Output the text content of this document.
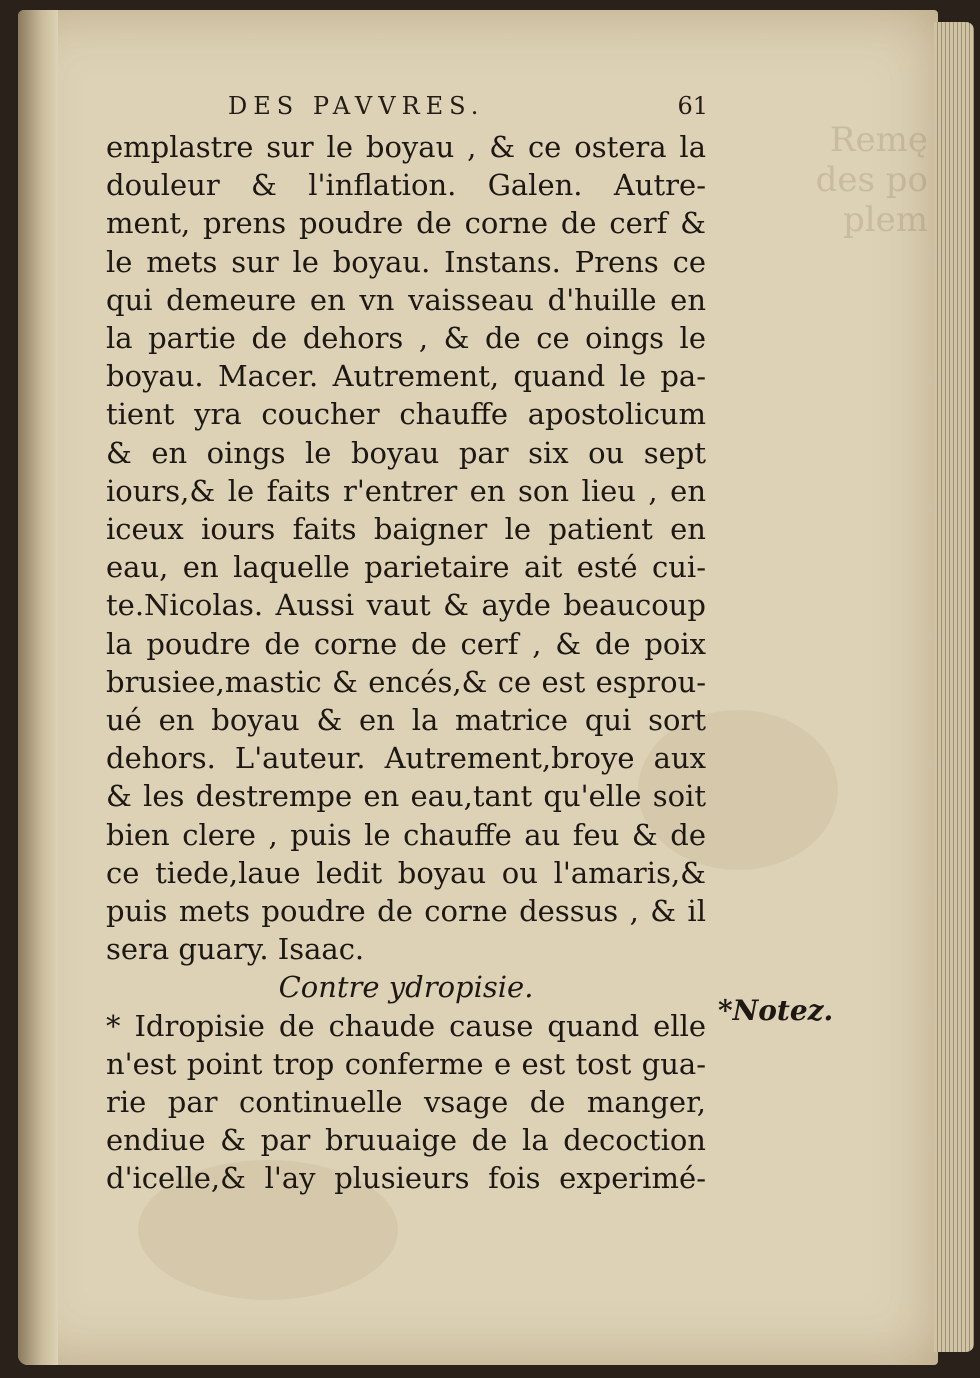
Remę
des po
plem
DES PAVVRES.	61
emplastre sur le boyau , & ce ostera la
douleur & l'inflation. Galen. Autre-
ment, prens poudre de corne de cerf &
le mets sur le boyau. Instans. Prens ce
qui demeure en vn vaisseau d'huille en
la partie de dehors , & de ce oings le
boyau. Macer. Autrement, quand le pa-
tient yra coucher chauffe apostolicum
& en oings le boyau par six ou sept
iours,& le faits r'entrer en son lieu , en
iceux iours faits baigner le patient en
eau, en laquelle parietaire ait esté cui-
te.Nicolas. Aussi vaut & ayde beaucoup
la poudre de corne de cerf , & de poix
brusiee,mastic & encés,& ce est esprou-
ué en boyau & en la matrice qui sort
dehors. L'auteur. Autrement,broye aux
& les destrempe en eau,tant qu'elle soit
bien clere , puis le chauffe au feu & de
ce tiede,laue ledit boyau ou l'amaris,&
puis mets poudre de corne dessus , & il
sera guary. Isaac.
Contre ydropisie.
* Idropisie de chaude cause quand elle
n'est point trop conferme e est tost gua-
rie par continuelle vsage de manger,
endiue & par bruuaige de la decoction
d'icelle,& l'ay plusieurs fois experimé-
*Notez.
